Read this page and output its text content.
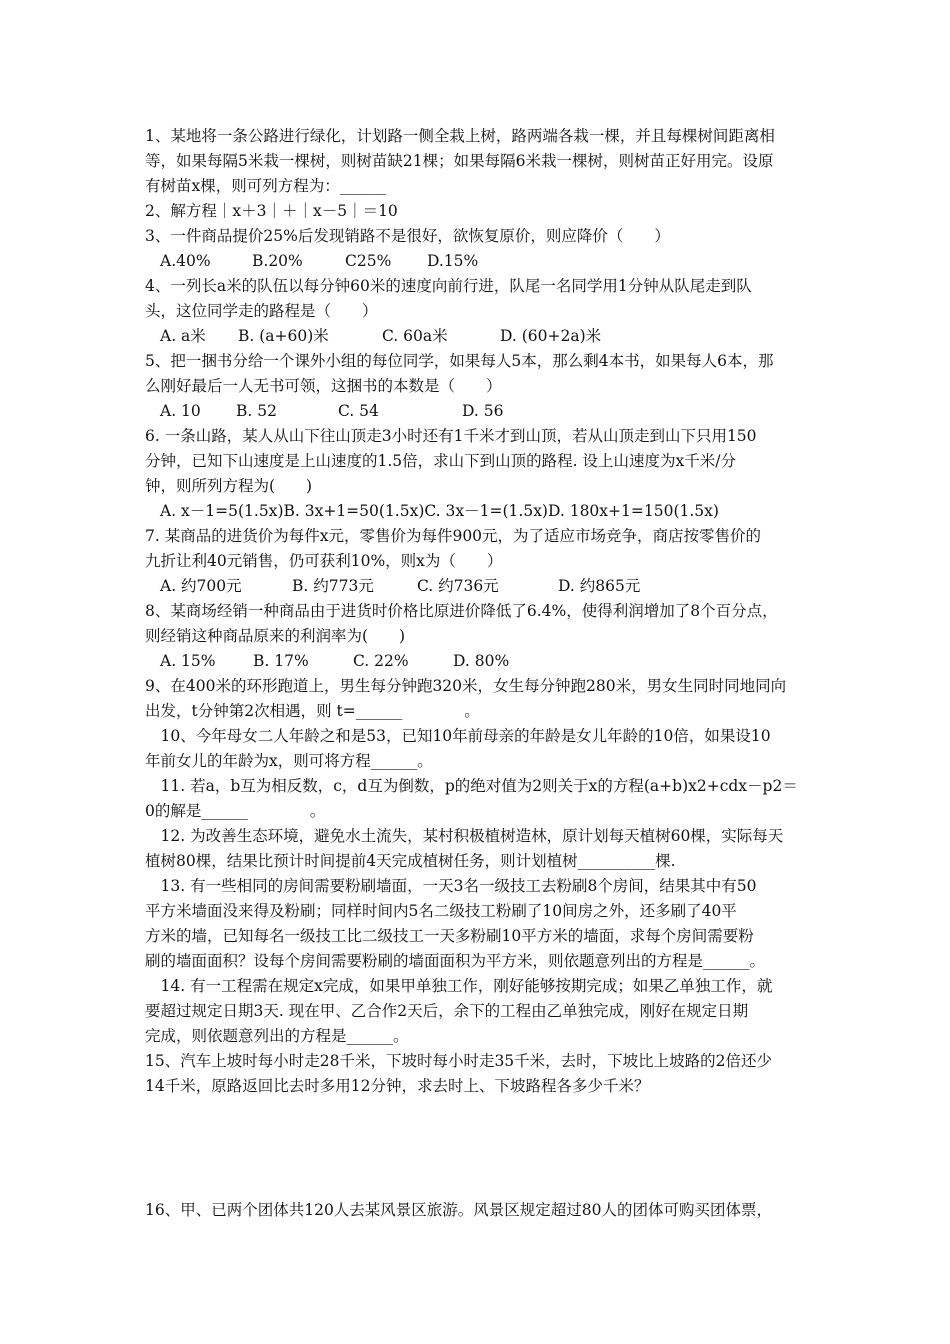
1、某地将一条公路进行绿化，计划路一侧全栽上树，路两端各栽一棵，并且每棵树间距离相
等，如果每隔5米栽一棵树，则树苗缺21棵；如果每隔6米栽一棵树，则树苗正好用完。设原
有树苗x棵，则可列方程为：______
2、解方程｜x＋3｜＋｜x－5｜＝10
3、一件商品提价25%后发现销路不是很好，欲恢复原价，则应降价（　　）
A.40%	B.20%	C25% D.15%
4、一列长a米的队伍以每分钟60米的速度向前行进，队尾一名同学用1分钟从队尾走到队
头，这位同学走的路程是（　　）
A. a米 B. (a+60)米	C. 60a米	D. (60+2a)米
5、把一捆书分给一个课外小组的每位同学，如果每人5本，那么剩4本书，如果每人6本，那
么刚好最后一人无书可领，这捆书的本数是（　　）
A. 10 B. 52	C. 54	D. 56
6. 一条山路，某人从山下往山顶走3小时还有1千米才到山顶，若从山顶走到山下只用150
分钟，已知下山速度是上山速度的1.5倍，求山下到山顶的路程. 设上山速度为x千米/分
钟，则所列方程为(　　)
A. x－1=5(1.5x)B. 3x+1=50(1.5x)C. 3x－1=(1.5x)D. 180x+1=150(1.5x)
7. 某商品的进货价为每件x元，零售价为每件900元，为了适应市场竞争，商店按零售价的
九折让利40元销售，仍可获利10%，则x为（　　）
A. 约700元	B. 约773元	C. 约736元	D. 约865元
8、某商场经销一种商品由于进货时价格比原进价降低了6.4%，使得利润增加了8个百分点，
则经销这种商品原来的利润率为(　　)
A. 15% B. 17%	C. 22%	D. 80%
9、在400米的环形跑道上，男生每分钟跑320米，女生每分钟跑280米，男女生同时同地同向
出发，t分钟第2次相遇，则 t=______　　　　。
　10、今年母女二人年龄之和是53，已知10年前母亲的年龄是女儿年龄的10倍，如果设10
年前女儿的年龄为x，则可将方程______。
　11. 若a，b互为相反数，c，d互为倒数，p的绝对值为2则关于x的方程(a+b)x2+cdx－p2＝
0的解是______　　　　。
　12. 为改善生态环境，避免水土流失，某村积极植树造林，原计划每天植树60棵，实际每天
植树80棵，结果比预计时间提前4天完成植树任务，则计划植树__________棵.
　13. 有一些相同的房间需要粉刷墙面，一天3名一级技工去粉刷8个房间，结果其中有50
平方米墙面没来得及粉刷；同样时间内5名二级技工粉刷了10间房之外，还多刷了40平
方米的墙，已知每名一级技工比二级技工一天多粉刷10平方米的墙面，求每个房间需要粉
刷的墙面面积？设每个房间需要粉刷的墙面面积为平方米，则依题意列出的方程是______。
　14. 有一工程需在规定x完成，如果甲单独工作，刚好能够按期完成；如果乙单独工作，就
要超过规定日期3天. 现在甲、乙合作2天后，余下的工程由乙单独完成，刚好在规定日期
完成，则依题意列出的方程是______。
15、汽车上坡时每小时走28千米，下坡时每小时走35千米，去时，下坡比上坡路的2倍还少
14千米，原路返回比去时多用12分钟，求去时上、下坡路程各多少千米？
16、甲、已两个团体共120人去某风景区旅游。风景区规定超过80人的团体可购买团体票，
